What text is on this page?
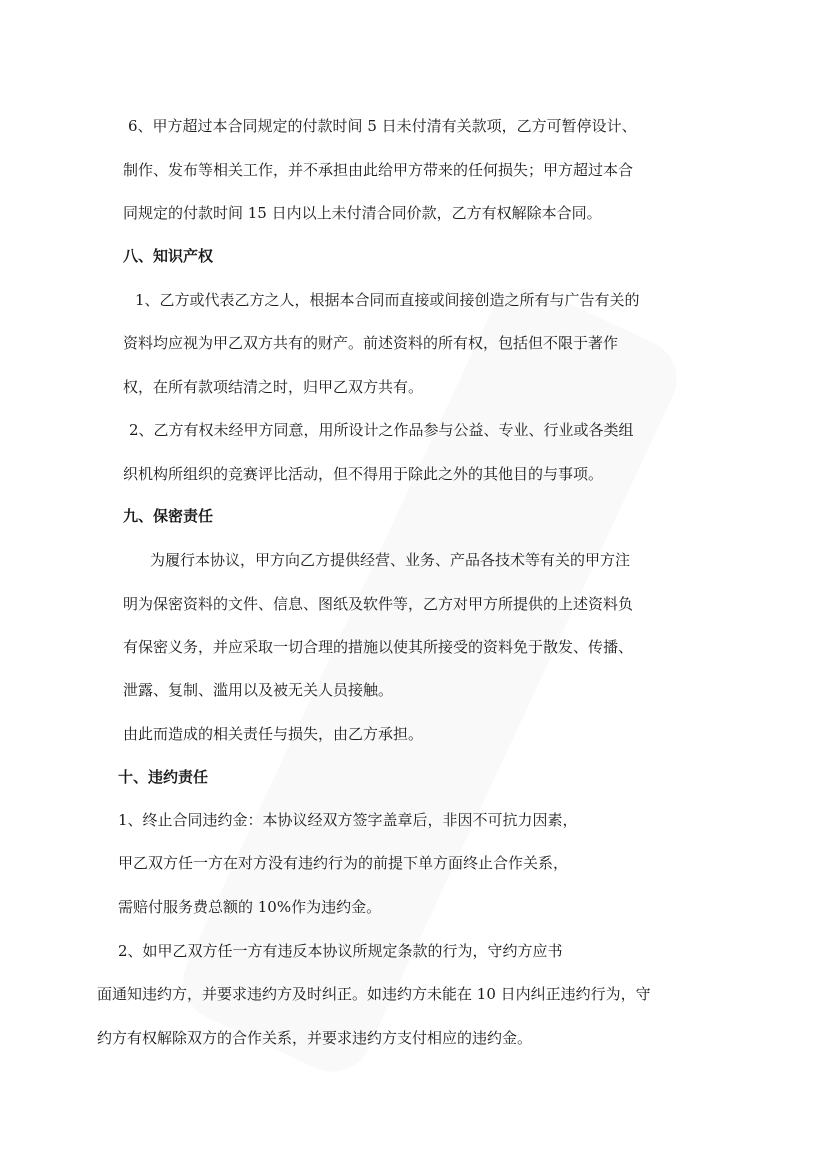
6、甲方超过本合同规定的付款时间 5 日未付清有关款项，乙方可暂停设计、
制作、发布等相关工作，并不承担由此给甲方带来的任何损失；甲方超过本合
同规定的付款时间 15 日内以上未付清合同价款，乙方有权解除本合同。
八、知识产权
1、乙方或代表乙方之人，根据本合同而直接或间接创造之所有与广告有关的
资料均应视为甲乙双方共有的财产。前述资料的所有权，包括但不限于著作
权，在所有款项结清之时，归甲乙双方共有。
2、乙方有权未经甲方同意，用所设计之作品参与公益、专业、行业或各类组
织机构所组织的竞赛评比活动，但不得用于除此之外的其他目的与事项。
九、保密责任
为履行本协议，甲方向乙方提供经营、业务、产品各技术等有关的甲方注
明为保密资料的文件、信息、图纸及软件等，乙方对甲方所提供的上述资料负
有保密义务，并应采取一切合理的措施以使其所接受的资料免于散发、传播、
泄露、复制、滥用以及被无关人员接触。
由此而造成的相关责任与损失，由乙方承担。
十、违约责任
1、终止合同违约金：本协议经双方签字盖章后，非因不可抗力因素，
甲乙双方任一方在对方没有违约行为的前提下单方面终止合作关系，
需赔付服务费总额的 10%作为违约金。
2、如甲乙双方任一方有违反本协议所规定条款的行为，守约方应书
面通知违约方，并要求违约方及时纠正。如违约方未能在 10 日内纠正违约行为，守
约方有权解除双方的合作关系，并要求违约方支付相应的违约金。
